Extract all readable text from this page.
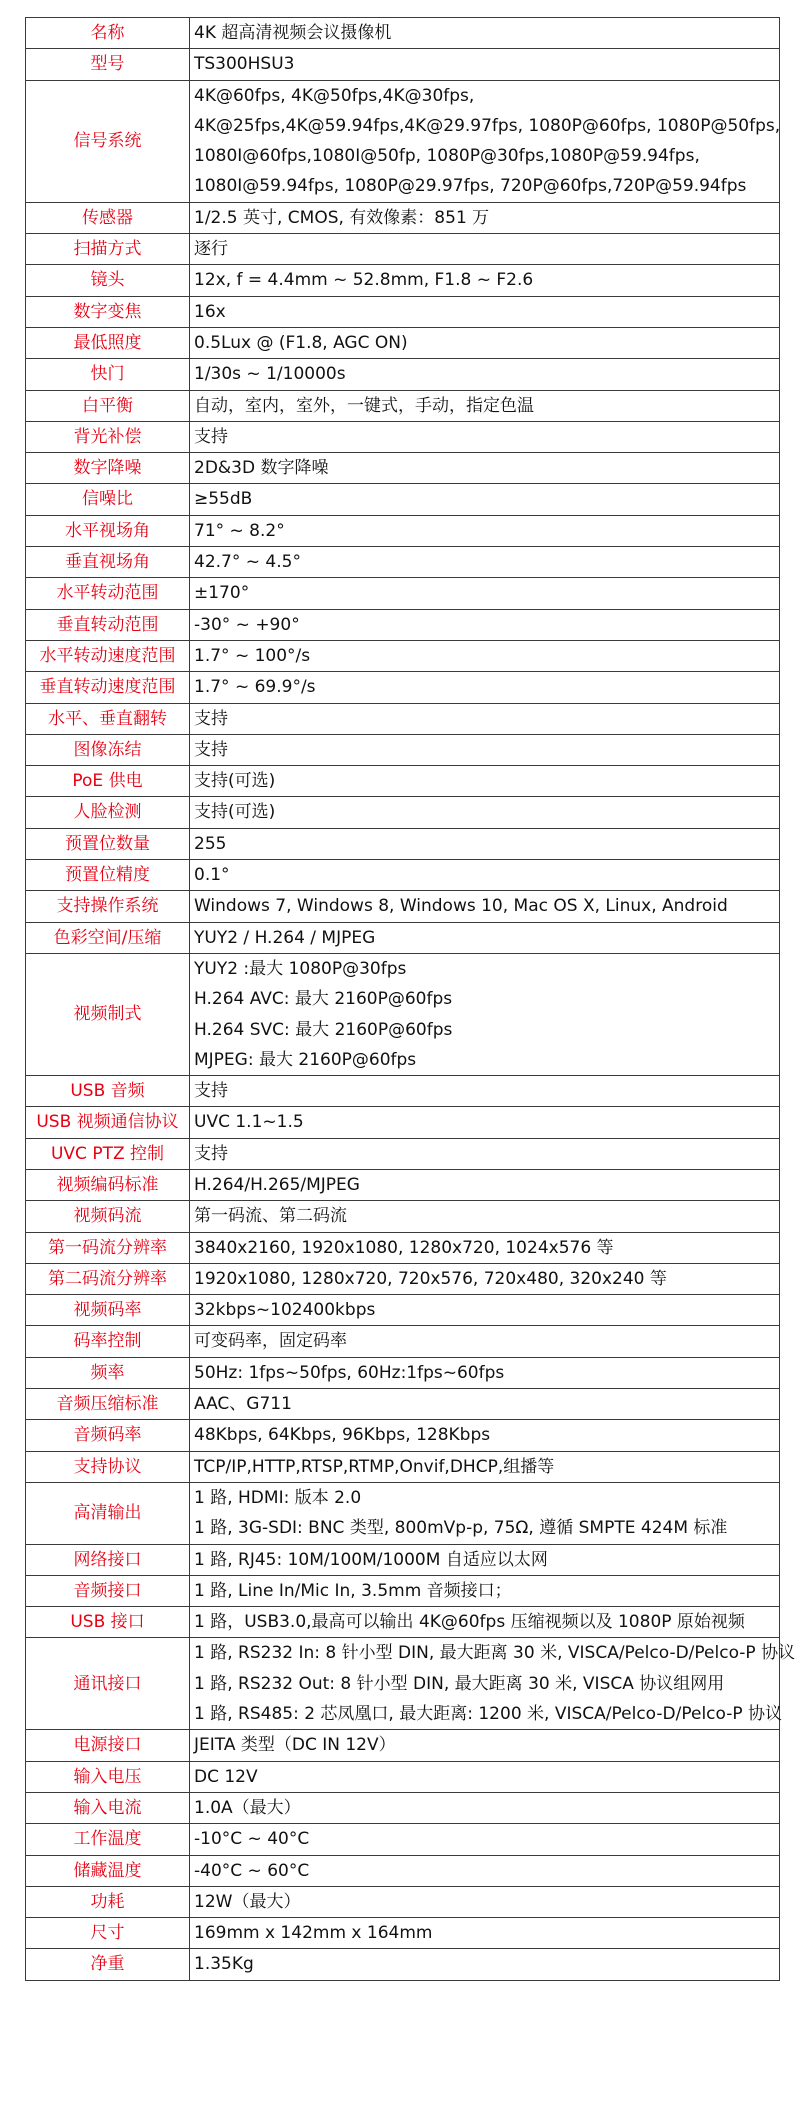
名称	4K 超高清视频会议摄像机

型号	TS300HSU3

信号系统	4K@60fps, 4K@50fps,4K@30fps,
4K@25fps,4K@59.94fps,4K@29.97fps, 1080P@60fps, 1080P@50fps,
1080I@60fps,1080I@50fp, 1080P@30fps,1080P@59.94fps,
1080I@59.94fps, 1080P@29.97fps, 720P@60fps,720P@59.94fps

传感器	1/2.5 英寸, CMOS, 有效像素：851 万

扫描方式	逐行

镜头	12x, f = 4.4mm ~ 52.8mm, F1.8 ~ F2.6

数字变焦	16x

最低照度	0.5Lux @ (F1.8, AGC ON)

快门	1/30s ~ 1/10000s

白平衡	自动，室内，室外，一键式，手动，指定色温

背光补偿	支持

数字降噪	2D&3D 数字降噪

信噪比	≥55dB

水平视场角	71° ~ 8.2°

垂直视场角	42.7° ~ 4.5°

水平转动范围	±170°

垂直转动范围	-30° ~ +90°

水平转动速度范围	1.7° ~ 100°/s

垂直转动速度范围	1.7° ~ 69.9°/s

水平、垂直翻转	支持

图像冻结	支持

PoE 供电	支持(可选)

人脸检测	支持(可选)

预置位数量	255

预置位精度	0.1°

支持操作系统	Windows 7, Windows 8, Windows 10, Mac OS X, Linux, Android

色彩空间/压缩	YUY2 / H.264 / MJPEG

视频制式	YUY2 :最大 1080P@30fps
H.264 AVC: 最大 2160P@60fps
H.264 SVC: 最大 2160P@60fps
MJPEG: 最大 2160P@60fps

USB 音频	支持

USB 视频通信协议	UVC 1.1~1.5

UVC PTZ 控制	支持

视频编码标准	H.264/H.265/MJPEG

视频码流	第一码流、第二码流

第一码流分辨率	3840x2160, 1920x1080, 1280x720, 1024x576 等

第二码流分辨率	1920x1080, 1280x720, 720x576, 720x480, 320x240 等

视频码率	32kbps~102400kbps

码率控制	可变码率，固定码率

频率	50Hz: 1fps~50fps, 60Hz:1fps~60fps

音频压缩标准	AAC、G711

音频码率	48Kbps, 64Kbps, 96Kbps, 128Kbps

支持协议	TCP/IP,HTTP,RTSP,RTMP,Onvif,DHCP,组播等

高清输出	1 路, HDMI: 版本 2.0
1 路, 3G-SDI: BNC 类型, 800mVp-p, 75Ω, 遵循 SMPTE 424M 标准

网络接口	1 路, RJ45: 10M/100M/1000M 自适应以太网

音频接口	1 路, Line In/Mic In, 3.5mm 音频接口；

USB 接口	1 路，USB3.0,最高可以输出 4K@60fps 压缩视频以及 1080P 原始视频

通讯接口	1 路, RS232 In: 8 针小型 DIN, 最大距离 30 米, VISCA/Pelco-D/Pelco-P 协议
1 路, RS232 Out: 8 针小型 DIN, 最大距离 30 米, VISCA 协议组网用
1 路, RS485: 2 芯凤凰口, 最大距离: 1200 米, VISCA/Pelco-D/Pelco-P 协议

电源接口	JEITA 类型（DC IN 12V）

输入电压	DC 12V

输入电流	1.0A（最大）

工作温度	-10°C ~ 40°C

储藏温度	-40°C ~ 60°C

功耗	12W（最大）

尺寸	169mm x 142mm x 164mm

净重	1.35Kg
